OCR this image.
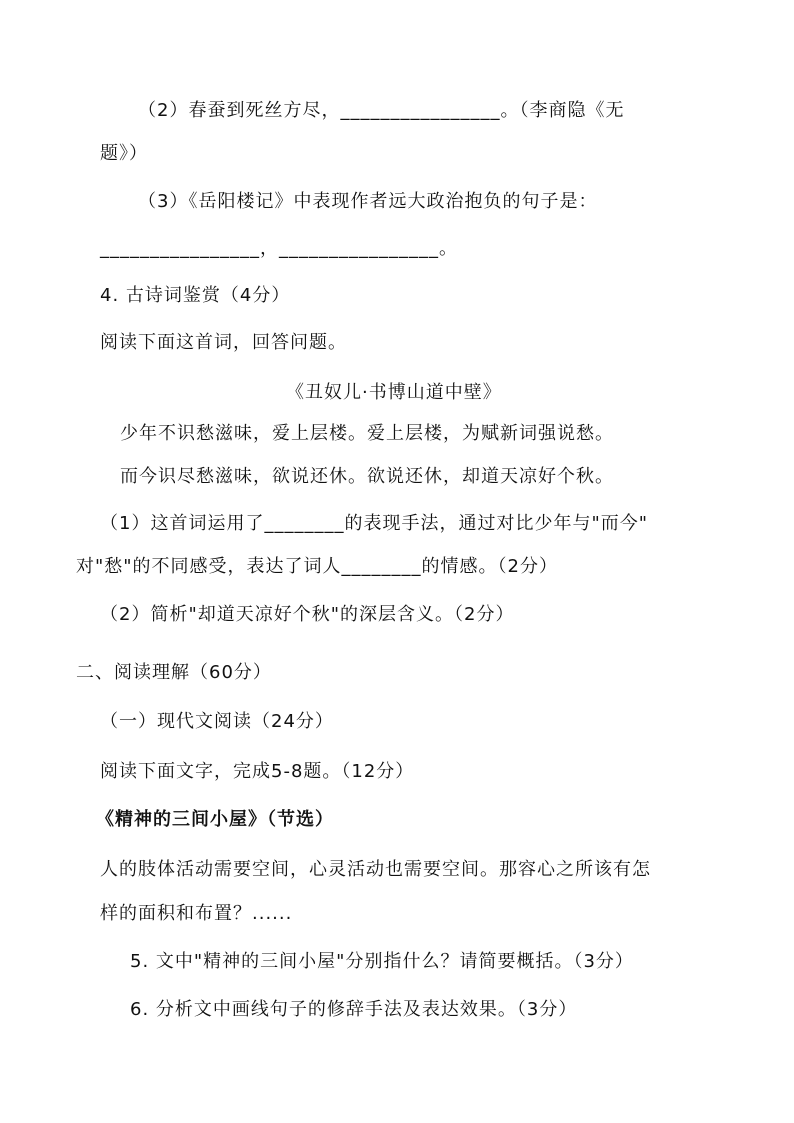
（2）春蚕到死丝方尽，________________。（李商隐《无
题》）
（3）《岳阳楼记》中表现作者远大政治抱负的句子是：
________________，________________。
4. 古诗词鉴赏（4分）
阅读下面这首词，回答问题。
《丑奴儿·书博山道中壁》
少年不识愁滋味，爱上层楼。爱上层楼，为赋新词强说愁。
而今识尽愁滋味，欲说还休。欲说还休，却道天凉好个秋。
（1）这首词运用了________的表现手法，通过对比少年与"而今"
对"愁"的不同感受，表达了词人________的情感。（2分）
（2）简析"却道天凉好个秋"的深层含义。（2分）
二、阅读理解（60分）
（一）现代文阅读（24分）
阅读下面文字，完成5-8题。（12分）
《精神的三间小屋》（节选）
人的肢体活动需要空间，心灵活动也需要空间。那容心之所该有怎
样的面积和布置？......
5. 文中"精神的三间小屋"分别指什么？请简要概括。（3分）
6. 分析文中画线句子的修辞手法及表达效果。（3分）
